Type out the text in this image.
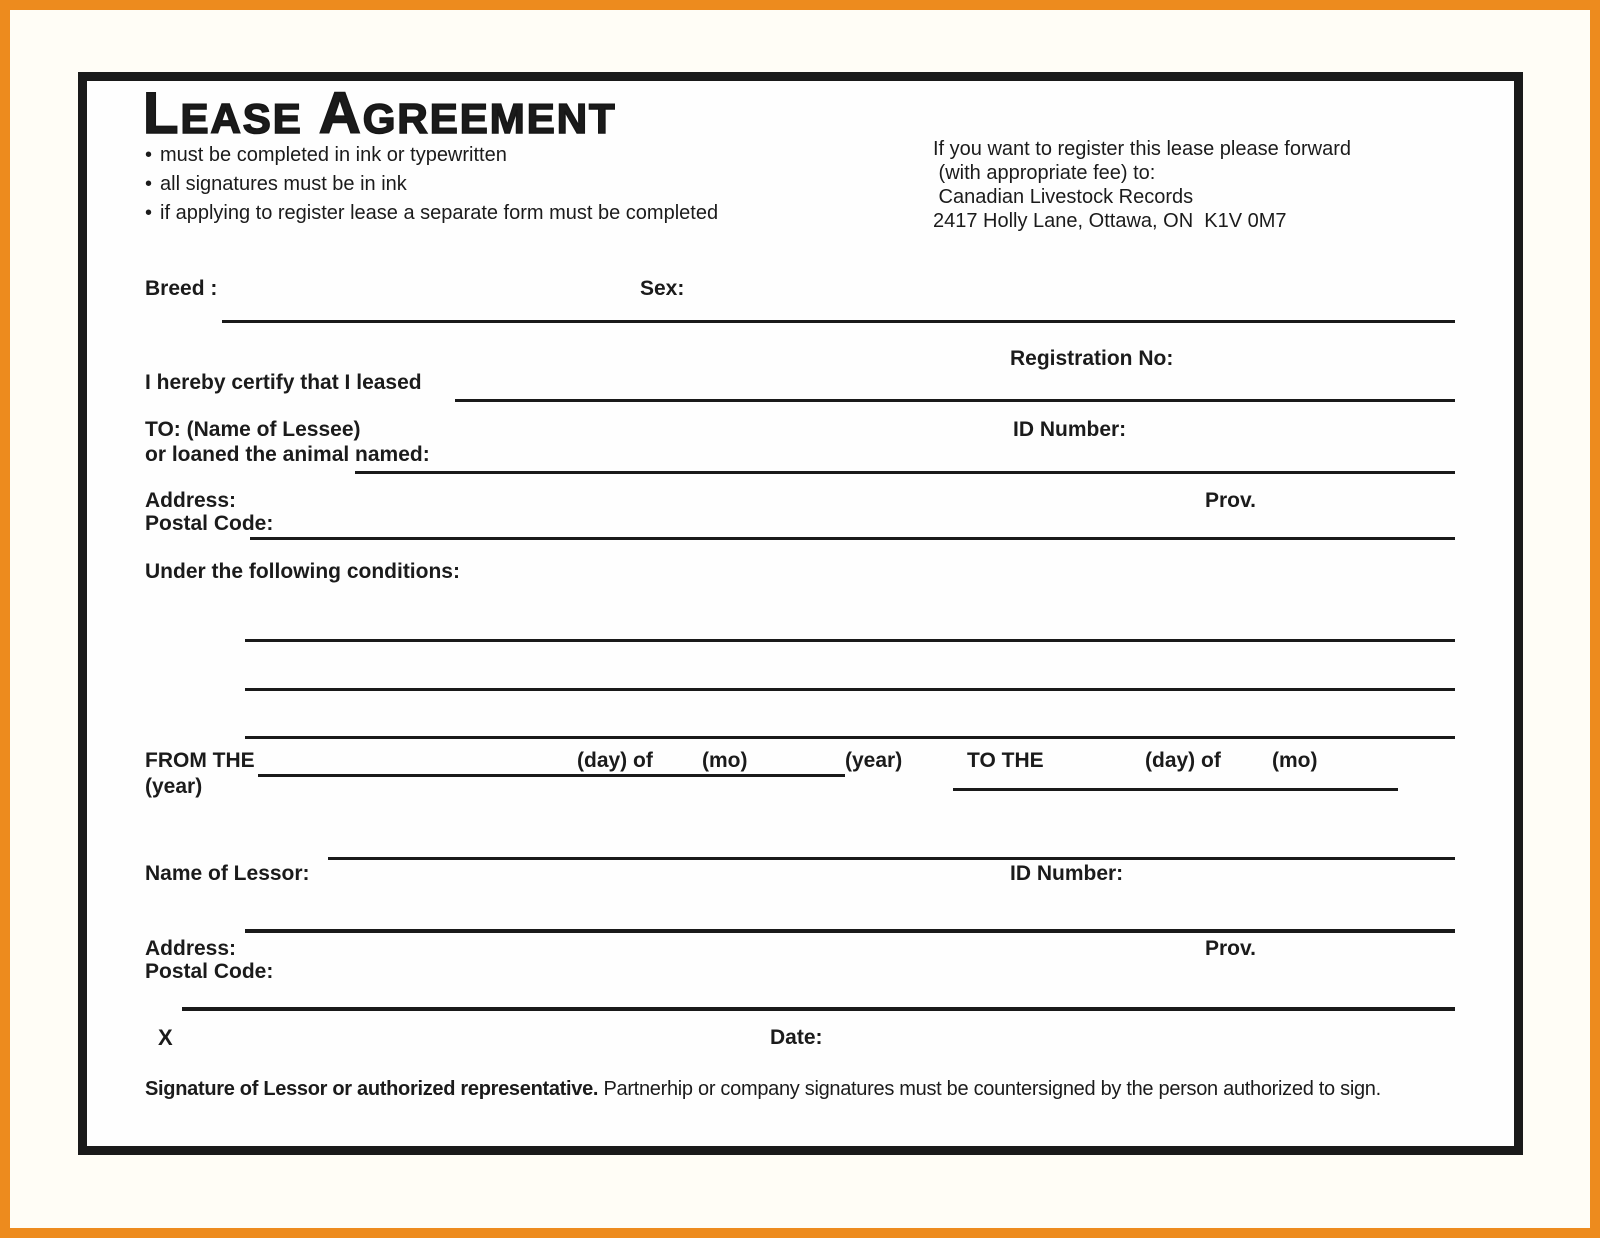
LEASE AGREEMENT
• must be completed in ink or typewritten
• all signatures must be in ink
• if applying to register lease a separate form must be completed
If you want to register this lease please forward
(with appropriate fee) to:
Canadian Livestock Records
2417 Holly Lane, Ottawa, ON  K1V 0M7
Breed :	Sex:

I hereby certify that I leased

or loaned the animal named:

Registration No:
TO: (Name of Lessee)	ID Number:
Address:	Prov.
Postal Code:
Under the following conditions:
FROM THE	(day) of (mo)	(year)	TO THE	(day) of (mo)
(year)
Name of Lessor:	ID Number:
Address:	Prov.
Postal Code:
X	Date:
Signature of Lessor or authorized representative. Partnerhip or company signatures must be countersigned by the person authorized to sign.
